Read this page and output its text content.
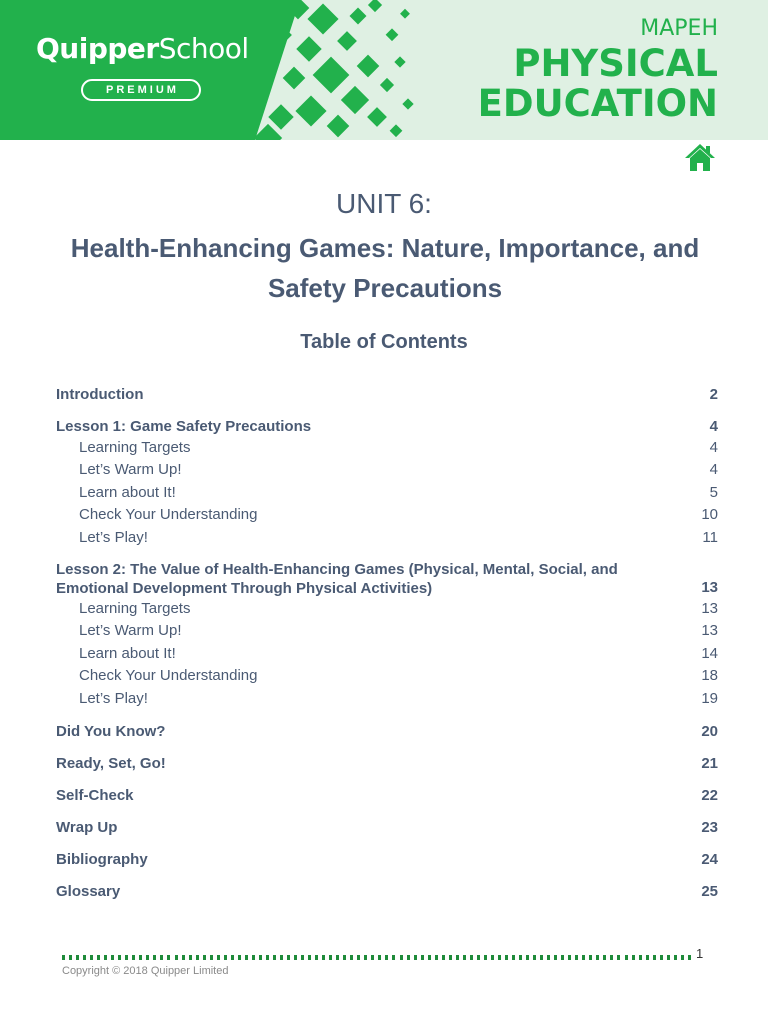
QuipperSchool
PREMIUM
MAPEH
PHYSICAL EDUCATION
UNIT 6:
Health-Enhancing Games: Nature, Importance, and Safety Precautions
Table of Contents
Introduction	2
Lesson 1: Game Safety Precautions	4
Learning Targets	4
Let’s Warm Up!	4
Learn about It!	5
Check Your Understanding	10
Let’s Play!	11
Lesson 2: The Value of Health-Enhancing Games (Physical, Mental, Social, and Emotional Development Through Physical Activities)	13
Learning Targets	13
Let’s Warm Up!	13
Learn about It!	14
Check Your Understanding	18
Let’s Play!	19
Did You Know?	20
Ready, Set, Go!	21
Self-Check	22
Wrap Up	23
Bibliography	24
Glossary	25
1
Copyright © 2018 Quipper Limited
